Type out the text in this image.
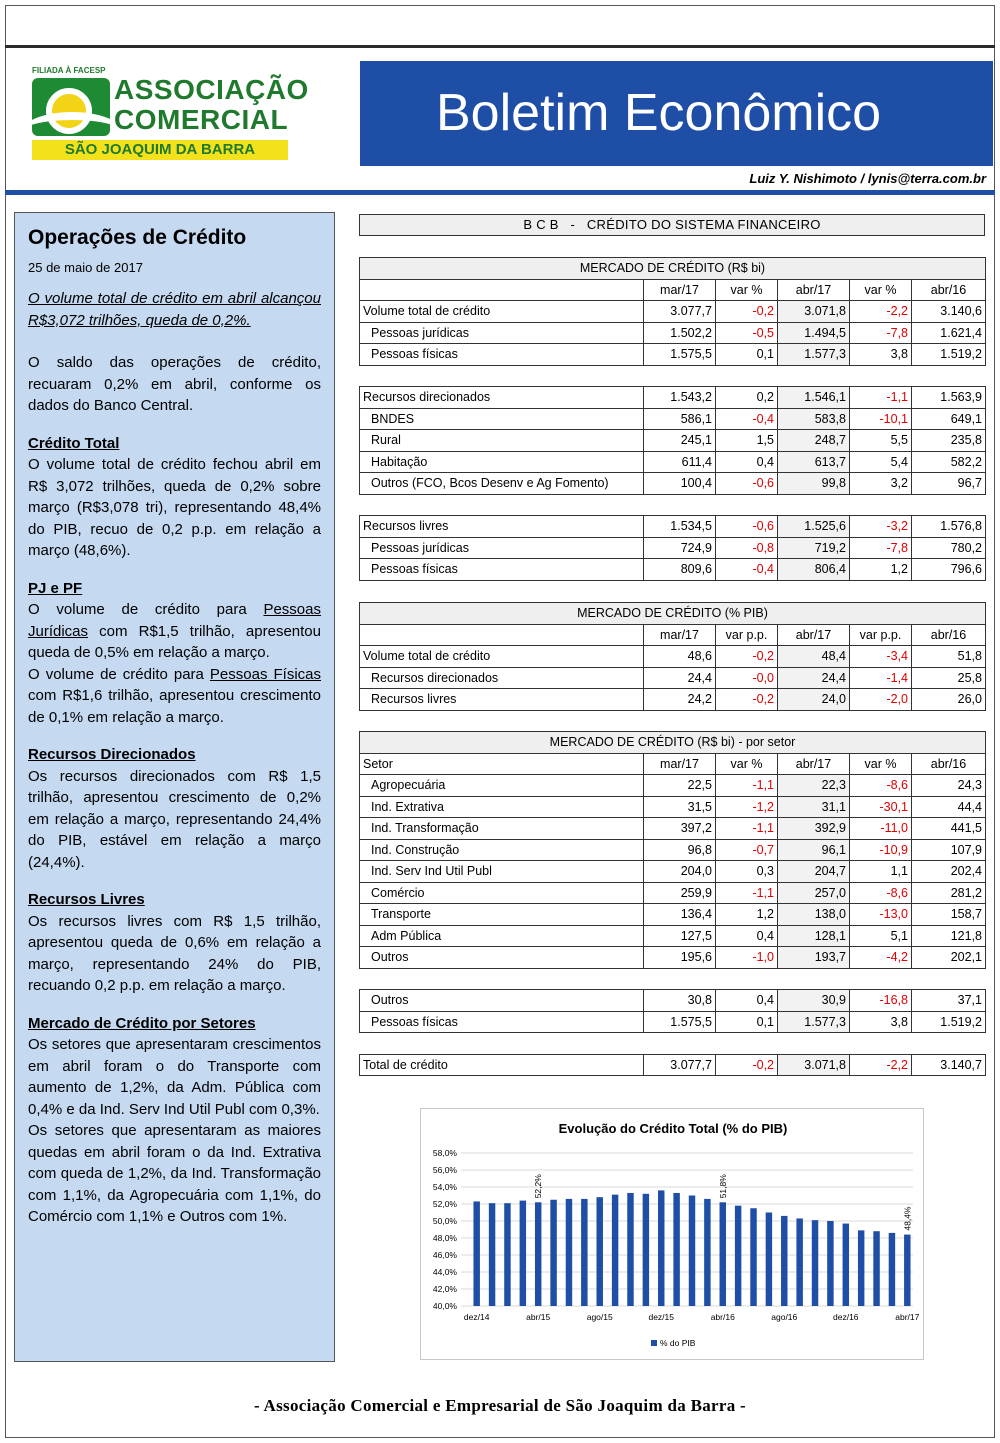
FILIADA À FACESP
ASSOCIAÇÃO
COMERCIAL
SÃO JOAQUIM DA BARRA
Boletim Econômico
Luiz Y. Nishimoto / lynis@terra.com.br
Operações de Crédito
25 de maio de 2017

O volume total de crédito em abril alcançou R$3,072 trilhões, queda de 0,2%.

O saldo das operações de crédito, recuaram 0,2% em abril, conforme os dados do Banco Central.

Crédito Total

O volume total de crédito fechou abril em R$ 3,072 trilhões, queda de 0,2% sobre março (R$3,078 tri), representando 48,4% do PIB, recuo de 0,2 p.p. em relação a março (48,6%).

PJ e PF

O volume de crédito para Pessoas Jurídicas com R$1,5 trilhão, apresentou queda de 0,5% em relação a março.

O volume de crédito para Pessoas Físicas com R$1,6 trilhão, apresentou crescimento de 0,1% em relação a março.

Recursos Direcionados

Os recursos direcionados com R$ 1,5 trilhão, apresentou crescimento de 0,2% em relação a março, representando 24,4% do PIB, estável em relação a março (24,4%).

Recursos Livres

Os recursos livres com R$ 1,5 trilhão, apresentou queda de 0,6% em relação a março, representando 24% do PIB, recuando 0,2 p.p. em relação a março.

Mercado de Crédito por Setores

Os setores que apresentaram crescimentos em abril foram o do Transporte com aumento de 1,2%, da Adm. Pública com 0,4% e da Ind. Serv Ind Util Publ com 0,3%.

Os setores que apresentaram as maiores quedas em abril foram o da Ind. Extrativa com queda de 1,2%, da Ind. Transformação com 1,1%, da Agropecuária com 1,1%, do Comércio com 1,1% e Outros com 1%.

B C B   -   CRÉDITO DO SISTEMA FINANCEIRO
MERCADO DE CRÉDITO (R$ bi)					
	mar/17	var %	abr/17	var %	abr/16
Volume total de crédito	3.077,7	-0,2	3.071,8	-2,2	3.140,6
Pessoas jurídicas	1.502,2	-0,5	1.494,5	-7,8	1.621,4
Pessoas físicas	1.575,5	0,1	1.577,3	3,8	1.519,2

Recursos direcionados	1.543,2	0,2	1.546,1	-1,1	1.563,9
BNDES	586,1	-0,4	583,8	-10,1	649,1
Rural	245,1	1,5	248,7	5,5	235,8
Habitação	611,4	0,4	613,7	5,4	582,2
Outros (FCO, Bcos Desenv e Ag Fomento)	100,4	-0,6	99,8	3,2	96,7

Recursos livres	1.534,5	-0,6	1.525,6	-3,2	1.576,8
Pessoas jurídicas	724,9	-0,8	719,2	-7,8	780,2
Pessoas físicas	809,6	-0,4	806,4	1,2	796,6
MERCADO DE CRÉDITO (% PIB)					
	mar/17	var p.p.	abr/17	var p.p.	abr/16
Volume total de crédito	48,6	-0,2	48,4	-3,4	51,8
Recursos direcionados	24,4	-0,0	24,4	-1,4	25,8
Recursos livres	24,2	-0,2	24,0	-2,0	26,0
MERCADO DE CRÉDITO (R$ bi) - por setor					
Setor	mar/17	var %	abr/17	var %	abr/16
Agropecuária	22,5	-1,1	22,3	-8,6	24,3
Ind. Extrativa	31,5	-1,2	31,1	-30,1	44,4
Ind. Transformação	397,2	-1,1	392,9	-11,0	441,5
Ind. Construção	96,8	-0,7	96,1	-10,9	107,9
Ind. Serv Ind Util Publ	204,0	0,3	204,7	1,1	202,4
Comércio	259,9	-1,1	257,0	-8,6	281,2
Transporte	136,4	1,2	138,0	-13,0	158,7
Adm Pública	127,5	0,4	128,1	5,1	121,8
Outros	195,6	-1,0	193,7	-4,2	202,1

Outros	30,8	0,4	30,9	-16,8	37,1
Pessoas físicas	1.575,5	0,1	1.577,3	3,8	1.519,2

Total de crédito	3.077,7	-0,2	3.071,8	-2,2	3.140,7
Evolução do Crédito Total (% do PIB)
40,0%
42,0%
44,0%
46,0%
48,0%
50,0%
52,0%
54,0%
56,0%
58,0%
dez/14	abr/15	ago/15	dez/15	abr/16	ago/16	dez/16	abr/17
52,2%	51,8%
48,4%
% do PIB
- Associação Comercial e Empresarial de São Joaquim da Barra -
